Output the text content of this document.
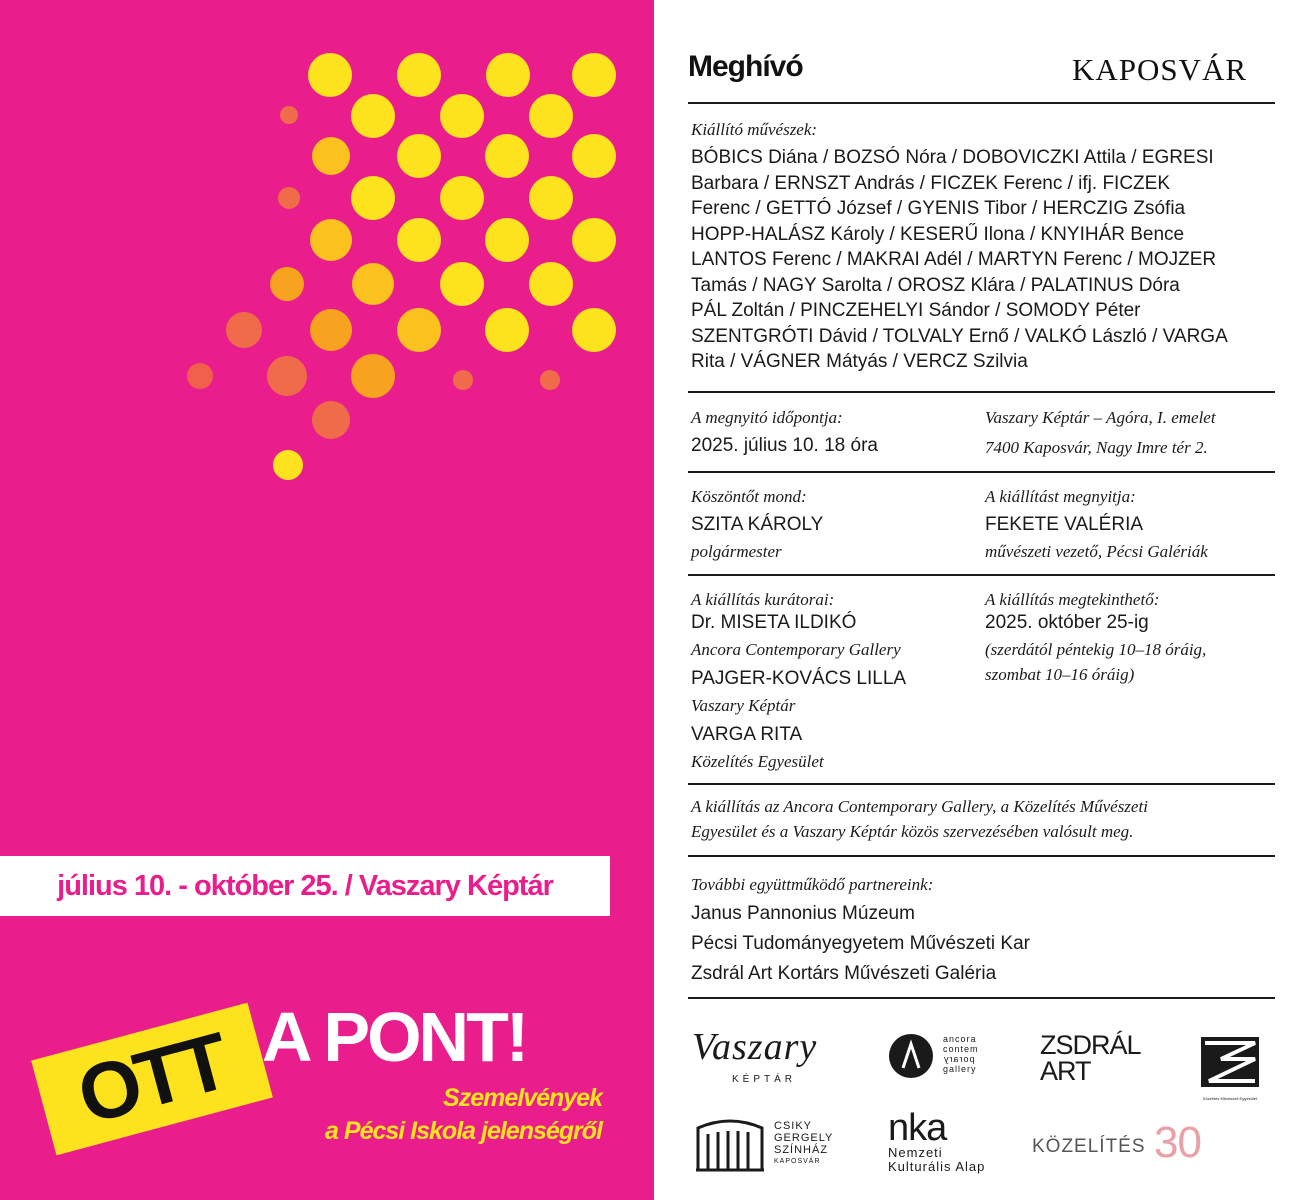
július 10. - október 25. / Vaszary Képtár
OTT A PONT!
Szemelvények
a Pécsi Iskola jelenségről
Meghívó	KAPOSVÁR
Kiállító művészek:
BÓBICS Diána / BOZSÓ Nóra / DOBOVICZKI Attila / EGRESI
Barbara / ERNSZT András / FICZEK Ferenc / ifj. FICZEK
Ferenc / GETTÓ József / GYENIS Tibor / HERCZIG Zsófia
HOPP-HALÁSZ Károly / KESERŰ Ilona / KNYIHÁR Bence
LANTOS Ferenc / MAKRAI Adél / MARTYN Ferenc / MOJZER
Tamás / NAGY Sarolta / OROSZ Klára / PALATINUS Dóra
PÁL Zoltán / PINCZEHELYI Sándor / SOMODY Péter
SZENTGRÓTI Dávid / TOLVALY Ernő / VALKÓ László / VARGA
Rita / VÁGNER Mátyás / VERCZ Szilvia
A megnyitó időpontja:
2025. július 10. 18 óra
Vaszary Képtár – Agóra, I. emelet
7400 Kaposvár, Nagy Imre tér 2.
Köszöntőt mond:
SZITA KÁROLY
polgármester
A kiállítást megnyitja:
FEKETE VALÉRIA
művészeti vezető, Pécsi Galériák
A kiállítás kurátorai:
Dr. MISETA ILDIKÓ
Ancora Contemporary Gallery
PAJGER-KOVÁCS LILLA
Vaszary Képtár
VARGA RITA
Közelítés Egyesület
A kiállítás megtekinthető:
2025. október 25-ig
(szerdától péntekig 10–18 óráig,
szombat 10–16 óráig)
A kiállítás az Ancora Contemporary Gallery, a Közelítés Művészeti
Egyesület és a Vaszary Képtár közös szervezésében valósult meg.
További együttműködő partnereink:
Janus Pannonius Múzeum
Pécsi Tudományegyetem Művészeti Kar
Zsdrál Art Kortárs Művészeti Galéria
Vaszary
KÉPTÁR
ancora
contem
porary
gallery
ZSDRÁL
ART
Közelítés Művészeti Egyesület
CSIKY
GERGELY
SZÍNHÁZ
KAPOSVÁR
nka
Nemzeti
Kulturális Alap
KÖZELÍTÉS 30
